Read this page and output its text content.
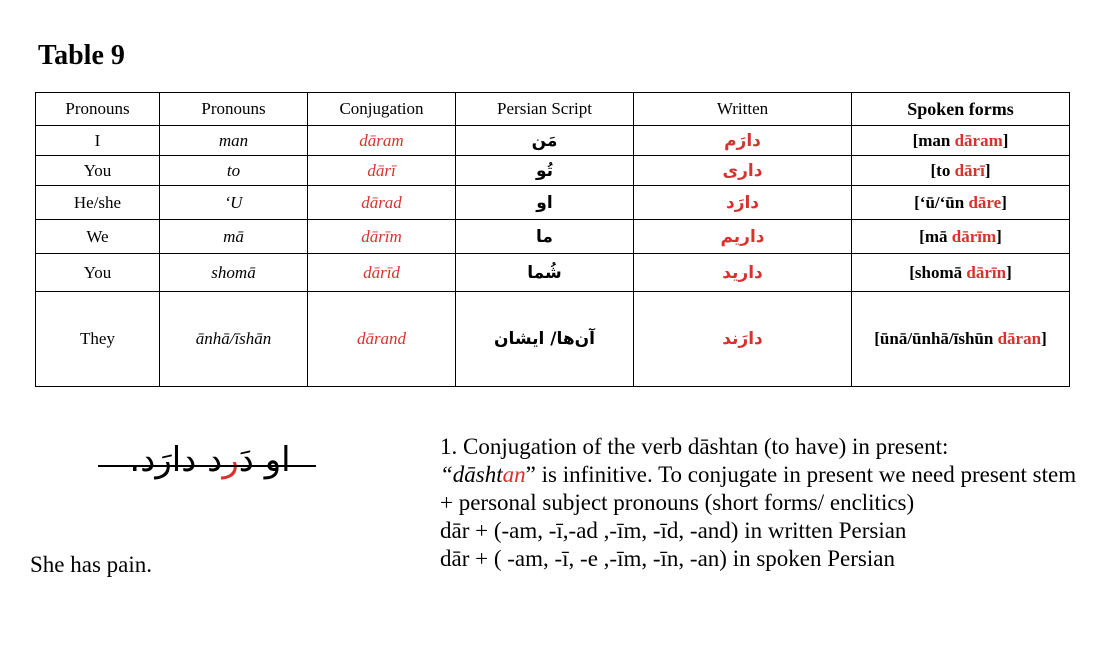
Table 9
Pronouns	Pronouns	Conjugation	Persian Script	Written	Spoken forms
I	man	dāram	مَن	دارَم	[man dāram]
You	to	dārī	تُو	داری	[to dārī]
He/she	‘U	dārad	او	دارَد	[‘ū/‘ūn dāre]
We	mā	dārīm	ما	داریم	[mā dārīm]
You	shomā	dārīd	شُما	دارید	[shomā dārīn]
They	ānhā/īshān	dārand	آن‌ها/ ایشان	دارَند	[ūnā/ūnhā/īshūn dāran]
او دَرد دارَد.
She has pain.

1. Conjugation of the verb dāshtan (to have) in present:

“dāshtan” is infinitive. To conjugate in present we need present stem + personal subject pronouns (short forms/ enclitics)

dār + (-am, -ī,-ad ,-īm, -īd, -and) in written Persian

dār + ( -am, -ī, -e ,-īm, -īn, -an) in spoken Persian
